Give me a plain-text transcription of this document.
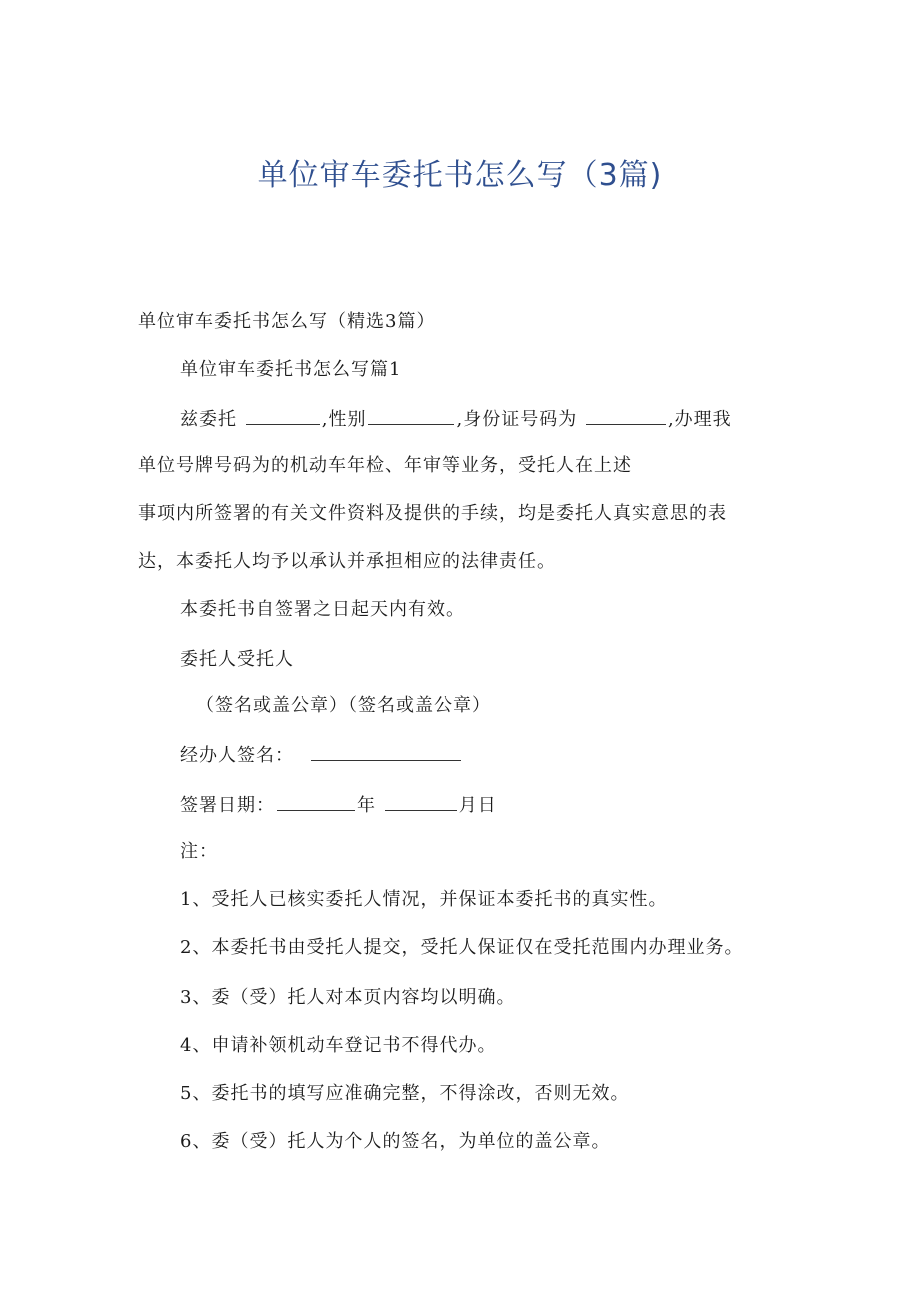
单位审车委托书怎么写（3篇)
单位审车委托书怎么写（精选3篇）
单位审车委托书怎么写篇1
兹委托	,性别	,身份证号码为	,办理我
单位号牌号码为的机动车年检、年审等业务，受托人在上述
事项内所签署的有关文件资料及提供的手续，均是委托人真实意思的表
达，本委托人均予以承认并承担相应的法律责任。
本委托书自签署之日起天内有效。
委托人受托人
（签名或盖公章）（签名或盖公章）
经办人签名：
签署日期：	年	月日
注：
1、受托人已核实委托人情况，并保证本委托书的真实性。
2、本委托书由受托人提交，受托人保证仅在受托范围内办理业务。
3、委（受）托人对本页内容均以明确。
4、申请补领机动车登记书不得代办。
5、委托书的填写应准确完整，不得涂改，否则无效。
6、委（受）托人为个人的签名，为单位的盖公章。
